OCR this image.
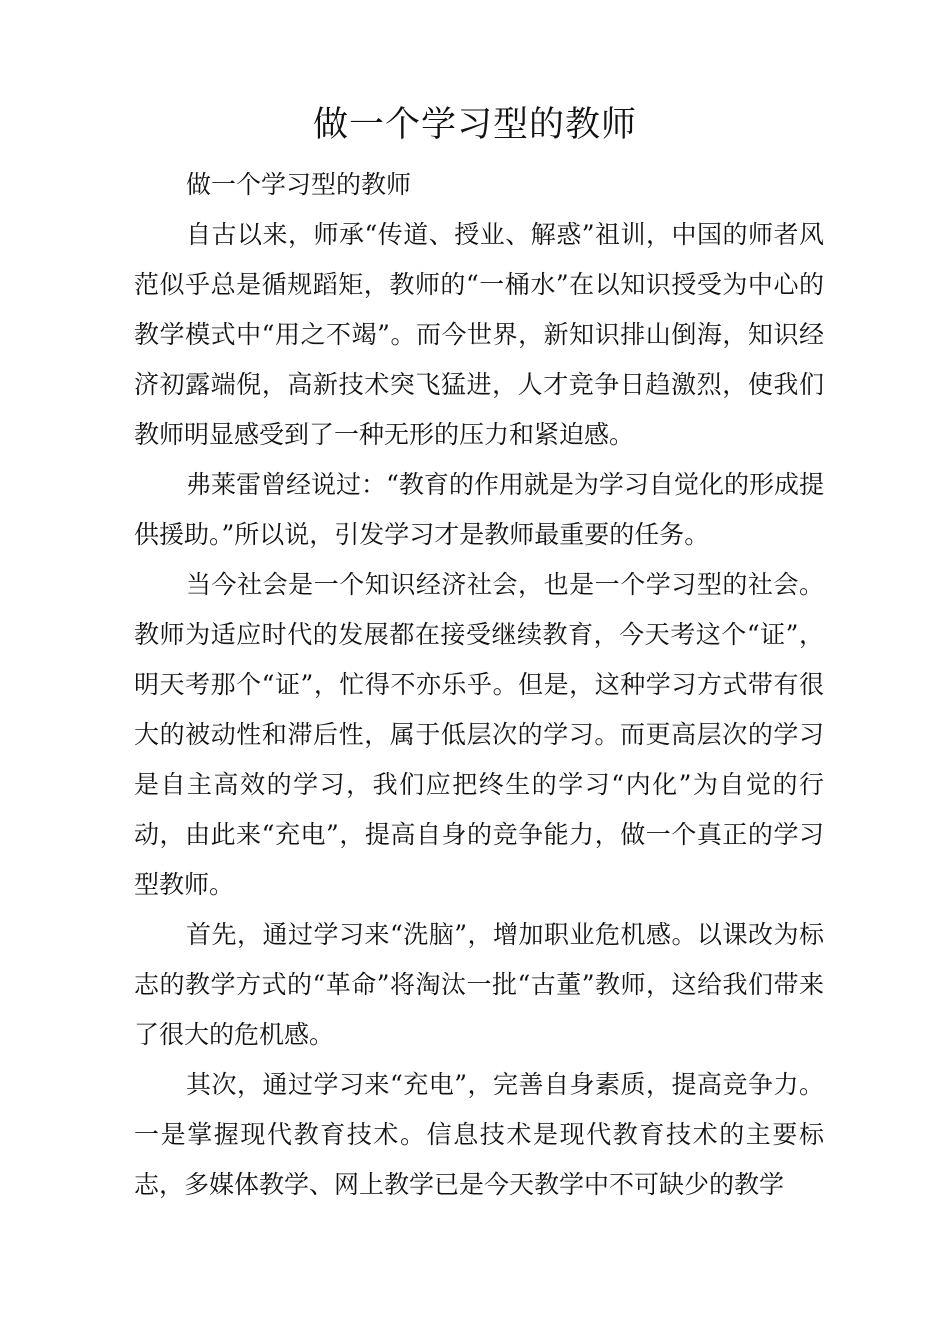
做一个学习型的教师

做一个学习型的教师

自古以来，师承“传道、授业、解惑”祖训，中国的师者风范似乎总是循规蹈矩，教师的“一桶水”在以知识授受为中心的教学模式中“用之不竭”。而今世界，新知识排山倒海，知识经济初露端倪，高新技术突飞猛进，人才竞争日趋激烈，使我们教师明显感受到了一种无形的压力和紧迫感。

弗莱雷曾经说过：“教育的作用就是为学习自觉化的形成提供援助。”所以说，引发学习才是教师最重要的任务。

当今社会是一个知识经济社会，也是一个学习型的社会。教师为适应时代的发展都在接受继续教育，今天考这个“证”，明天考那个“证”，忙得不亦乐乎。但是，这种学习方式带有很大的被动性和滞后性，属于低层次的学习。而更高层次的学习是自主高效的学习，我们应把终生的学习“内化”为自觉的行动，由此来“充电”，提高自身的竞争能力，做一个真正的学习型教师。

首先，通过学习来“洗脑”，增加职业危机感。以课改为标志的教学方式的“革命”将淘汰一批“古董”教师，这给我们带来了很大的危机感。

其次，通过学习来“充电”，完善自身素质，提高竞争力。一是掌握现代教育技术。信息技术是现代教育技术的主要标志，多媒体教学、网上教学已是今天教学中不可缺少的教学
